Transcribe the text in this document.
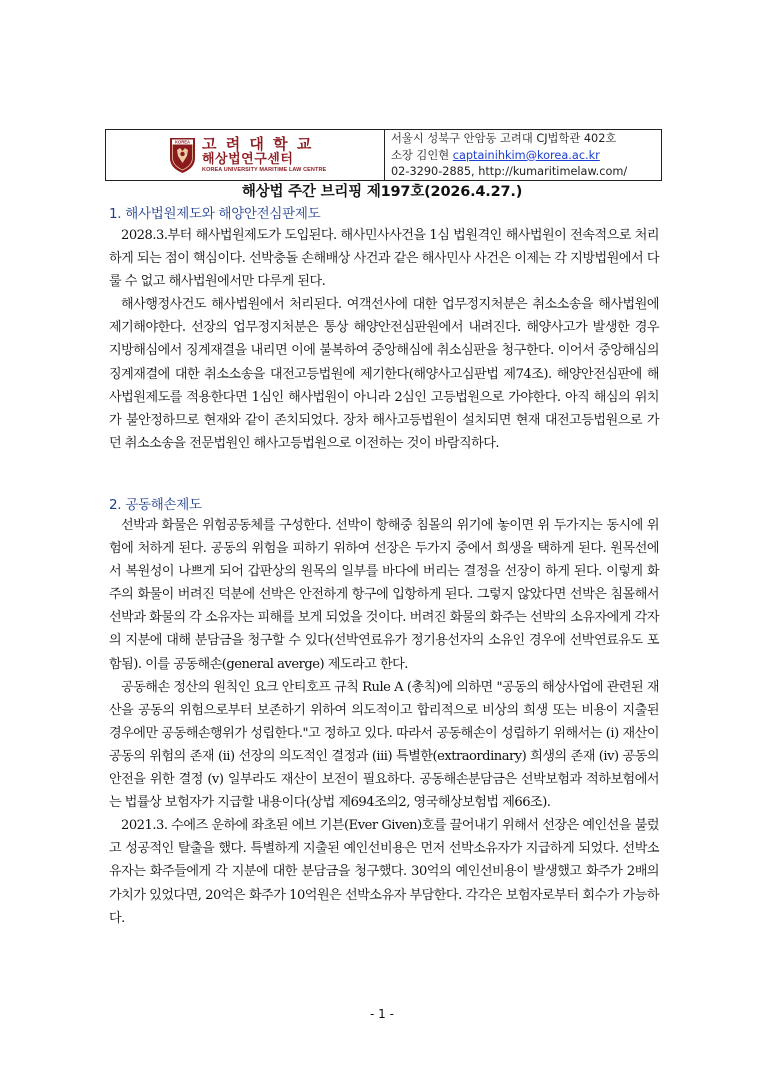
KOREA 고 려 대 학 교
해상법연구센터
KOREA UNIVERSITY MARITIME LAW CENTRE
서울시 성북구 안암동 고려대 CJ법학관 402호
소장 김인현 captainihkim@korea.ac.kr
02-3290-2885, http://kumaritimelaw.com/
해상법 주간 브리핑 제197호(2026.4.27.)
1. 해사법원제도와 해양안전심판제도

2028.3.부터 해사법원제도가 도입된다. 해사민사사건을 1심 법원격인 해사법원이 전속적으로 처리하게 되는 점이 핵심이다. 선박충돌 손해배상 사건과 같은 해사민사 사건은 이제는 각 지방법원에서 다룰 수 없고 해사법원에서만 다루게 된다.

해사행정사건도 해사법원에서 처리된다. 여객선사에 대한 업무정지처분은 취소소송을 해사법원에 제기해야한다. 선장의 업무정지처분은 통상 해양안전심판원에서 내려진다. 해양사고가 발생한 경우 지방해심에서 징계재결을 내리면 이에 불복하여 중앙해심에 취소심판을 청구한다. 이어서 중앙해심의 징계재결에 대한 취소소송을 대전고등법원에 제기한다(해양사고심판법 제74조). 해양안전심판에 해사법원제도를 적용한다면 1심인 해사법원이 아니라 2심인 고등법원으로 가야한다. 아직 해심의 위치가 불안정하므로 현재와 같이 존치되었다. 장차 해사고등법원이 설치되면 현재 대전고등법원으로 가던 취소소송을 전문법원인 해사고등법원으로 이전하는 것이 바람직하다.

2. 공동해손제도

선박과 화물은 위험공동체를 구성한다. 선박이 항해중 침몰의 위기에 놓이면 위 두가지는 동시에 위험에 처하게 된다. 공동의 위험을 피하기 위하여 선장은 두가지 중에서 희생을 택하게 된다. 원목선에서 복원성이 나쁘게 되어 갑판상의 원목의 일부를 바다에 버리는 결정을 선장이 하게 된다. 이렇게 화주의 화물이 버려진 덕분에 선박은 안전하게 항구에 입항하게 된다. 그렇지 않았다면 선박은 침몰해서 선박과 화물의 각 소유자는 피해를 보게 되었을 것이다. 버려진 화물의 화주는 선박의 소유자에게 각자의 지분에 대해 분담금을 청구할 수 있다(선박연료유가 정기용선자의 소유인 경우에 선박연료유도 포함됨). 이를 공동해손(general averge) 제도라고 한다.

공동해손 정산의 원칙인 요크 안티호프 규칙 Rule A (총칙)에 의하면 "공동의 해상사업에 관련된 재산을 공동의 위험으로부터 보존하기 위하여 의도적이고 합리적으로 비상의 희생 또는 비용이 지출된 경우에만 공동해손행위가 성립한다."고 정하고 있다. 따라서 공동해손이 성립하기 위해서는 (i) 재산이 공동의 위험의 존재 (ii) 선장의 의도적인 결정과 (iii) 특별한(extraordinary) 희생의 존재 (iv) 공동의 안전을 위한 결정 (v) 일부라도 재산이 보전이 필요하다. 공동해손분담금은 선박보험과 적하보험에서는 법률상 보험자가 지급할 내용이다(상법 제694조의2, 영국해상보험법 제66조).

2021.3. 수에즈 운하에 좌초된 에브 기븐(Ever Given)호를 끌어내기 위해서 선장은 예인선을 불렀고 성공적인 탈출을 했다. 특별하게 지출된 예인선비용은 먼저 선박소유자가 지급하게 되었다. 선박소유자는 화주들에게 각 지분에 대한 분담금을 청구했다. 30억의 예인선비용이 발생했고 화주가 2배의 가치가 있었다면, 20억은 화주가 10억원은 선박소유자 부담한다. 각각은 보험자로부터 회수가 가능하다.

- 1 -
